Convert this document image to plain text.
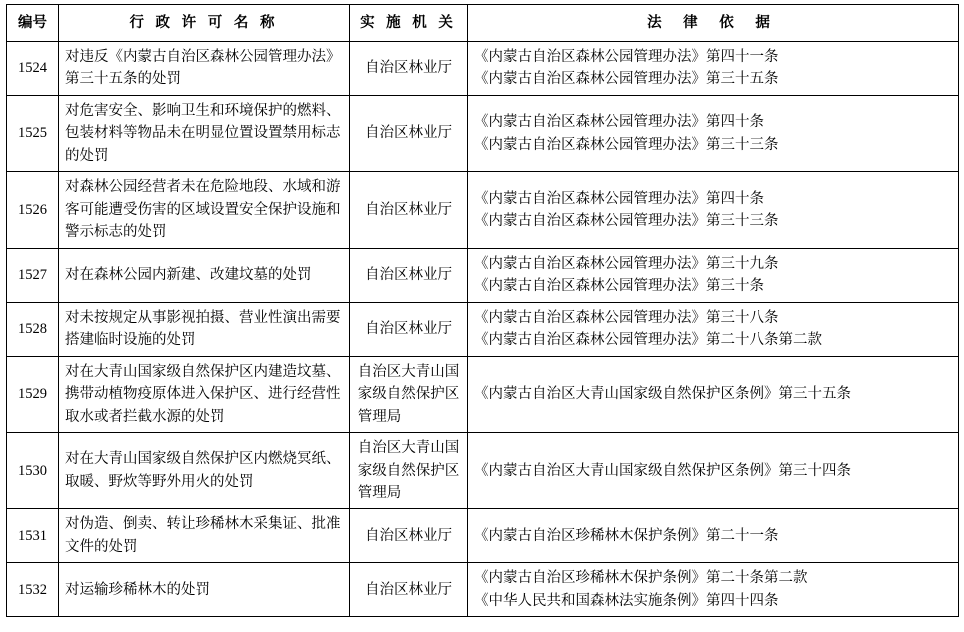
编号	行 政 许 可 名 称	实 施 机 关	法 律 依 据
1524	对违反《内蒙古自治区森林公园管理办法》第三十五条的处罚	自治区林业厅	《内蒙古自治区森林公园管理办法》第四十一条
《内蒙古自治区森林公园管理办法》第三十五条

1525	对危害安全、影响卫生和环境保护的燃料、包装材料等物品未在明显位置设置禁用标志的处罚	自治区林业厅	《内蒙古自治区森林公园管理办法》第四十条
《内蒙古自治区森林公园管理办法》第三十三条

1526	对森林公园经营者未在危险地段、水域和游客可能遭受伤害的区域设置安全保护设施和警示标志的处罚	自治区林业厅	《内蒙古自治区森林公园管理办法》第四十条
《内蒙古自治区森林公园管理办法》第三十三条

1527	对在森林公园内新建、改建坟墓的处罚	自治区林业厅	《内蒙古自治区森林公园管理办法》第三十九条
《内蒙古自治区森林公园管理办法》第三十条

1528	对未按规定从事影视拍摄、营业性演出需要搭建临时设施的处罚	自治区林业厅	《内蒙古自治区森林公园管理办法》第三十八条
《内蒙古自治区森林公园管理办法》第二十八条第二款

1529	对在大青山国家级自然保护区内建造坟墓、携带动植物疫原体进入保护区、进行经营性取水或者拦截水源的处罚	自治区大青山国
家级自然保护区
管理局	《内蒙古自治区大青山国家级自然保护区条例》第三十五条

1530	对在大青山国家级自然保护区内燃烧冥纸、取暖、野炊等野外用火的处罚	自治区大青山国
家级自然保护区
管理局	《内蒙古自治区大青山国家级自然保护区条例》第三十四条

1531	对伪造、倒卖、转让珍稀林木采集证、批准文件的处罚	自治区林业厅	《内蒙古自治区珍稀林木保护条例》第二十一条

1532	对运输珍稀林木的处罚	自治区林业厅	《内蒙古自治区珍稀林木保护条例》第二十条第二款
《中华人民共和国森林法实施条例》第四十四条
